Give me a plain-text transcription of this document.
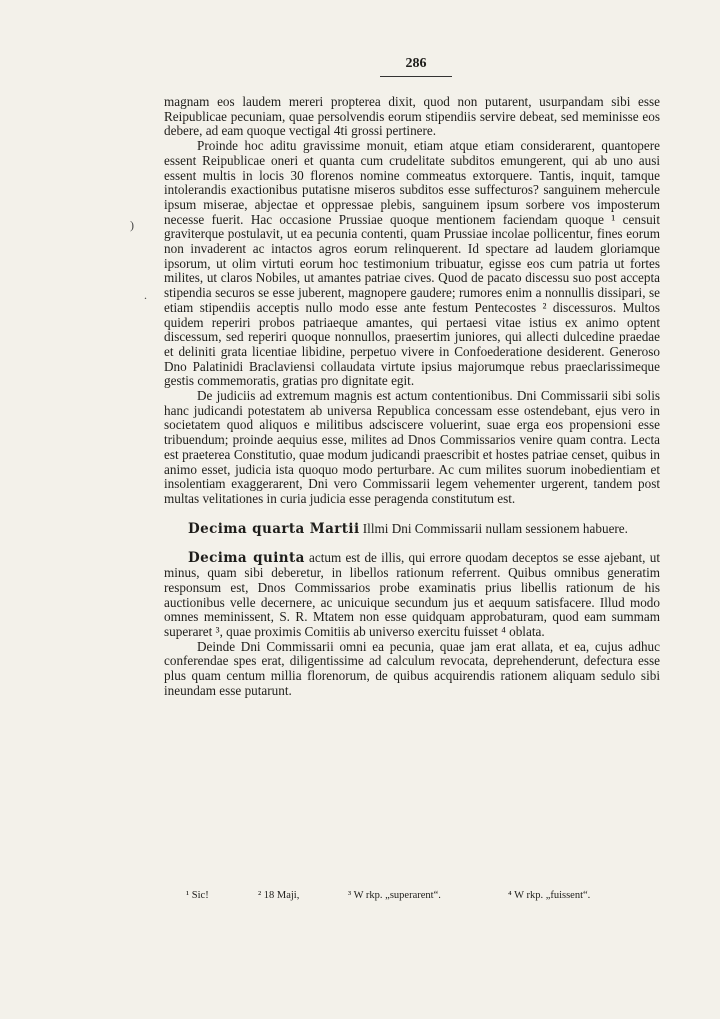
286
)
.

magnam eos laudem mereri propterea dixit, quod non putarent, usurpandam sibi esse Reipublicae pecuniam, quae persolvendis eorum stipendiis servire debeat, sed meminisse eos debere, ad eam quoque vectigal 4ti grossi pertinere.

Proinde hoc aditu gravissime monuit, etiam atque etiam considerarent, quantopere essent Reipublicae oneri et quanta cum crudelitate subditos emungerent, qui ab uno ausi essent multis in locis 30 florenos nomine commeatus extorquere. Tantis, inquit, tamque intolerandis exactionibus putatisne miseros subditos esse suffecturos? sanguinem mehercule ipsum miserae, abjectae et oppressae plebis, sanguinem ipsum sorbere vos imposterum necesse fuerit. Hac occasione Prussiae quoque mentionem faciendam quoque ¹ censuit graviterque postulavit, ut ea pecunia contenti, quam Prussiae incolae pollicentur, fines eorum non invaderent ac intactos agros eorum relinquerent. Id spectare ad laudem gloriamque ipsorum, ut olim virtuti eorum hoc testimonium tribuatur, egisse eos cum patria ut fortes milites, ut claros Nobiles, ut amantes patriae cives. Quod de pacato discessu suo post accepta stipendia securos se esse juberent, magnopere gaudere; rumores enim a nonnullis dissipari, se etiam stipendiis acceptis nullo modo esse ante festum Pentecostes ² discessuros. Multos quidem reperiri probos patriaeque amantes, qui pertaesi vitae istius ex animo optent discessum, sed reperiri quoque nonnullos, praesertim juniores, qui allecti dulcedine praedae et deliniti grata licentiae libidine, perpetuo vivere in Confoederatione desiderent. Generoso Dno Palatinidi Braclaviensi collaudata virtute ipsius majorumque rebus praeclarissimeque gestis commemoratis, gratias pro dignitate egit.

De judiciis ad extremum magnis est actum contentionibus. Dni Commissarii sibi solis hanc judicandi potestatem ab universa Republica concessam esse ostendebant, ejus vero in societatem quod aliquos e militibus adsciscere voluerint, suae erga eos propensioni esse tribuendum; proinde aequius esse, milites ad Dnos Commissarios venire quam contra. Lecta est praeterea Constitutio, quae modum judicandi praescribit et hostes patriae censet, quibus in animo esset, judicia ista quoquo modo perturbare. Ac cum milites suorum inobedientiam et insolentiam exaggerarent, Dni vero Commissarii legem vehementer urgerent, tandem post multas velitationes in curia judicia esse peragenda constitutum est.

Decima quarta Martii Illmi Dni Commissarii nullam sessionem habuere.

Decima quinta actum est de illis, qui errore quodam deceptos se esse ajebant, ut minus, quam sibi deberetur, in libellos rationum referrent. Quibus omnibus generatim responsum est, Dnos Commissarios probe examinatis prius libellis rationum de his auctionibus velle decernere, ac unicuique secundum jus et aequum satisfacere. Illud modo omnes meminissent, S. R. Mtatem non esse quidquam approbaturam, quod eam summam superaret ³, quae proximis Comitiis ab universo exercitu fuisset ⁴ oblata.

Deinde Dni Commissarii omni ea pecunia, quae jam erat allata, et ea, cujus adhuc conferendae spes erat, diligentissime ad calculum revocata, deprehenderunt, defectura esse plus quam centum millia florenorum, de quibus acquirendis rationem aliquam sedulo sibi ineundam esse putarunt.

¹ Sic!	² 18 Maji,	³ W rkp. „superarent“.	⁴ W rkp. „fuissent“.
